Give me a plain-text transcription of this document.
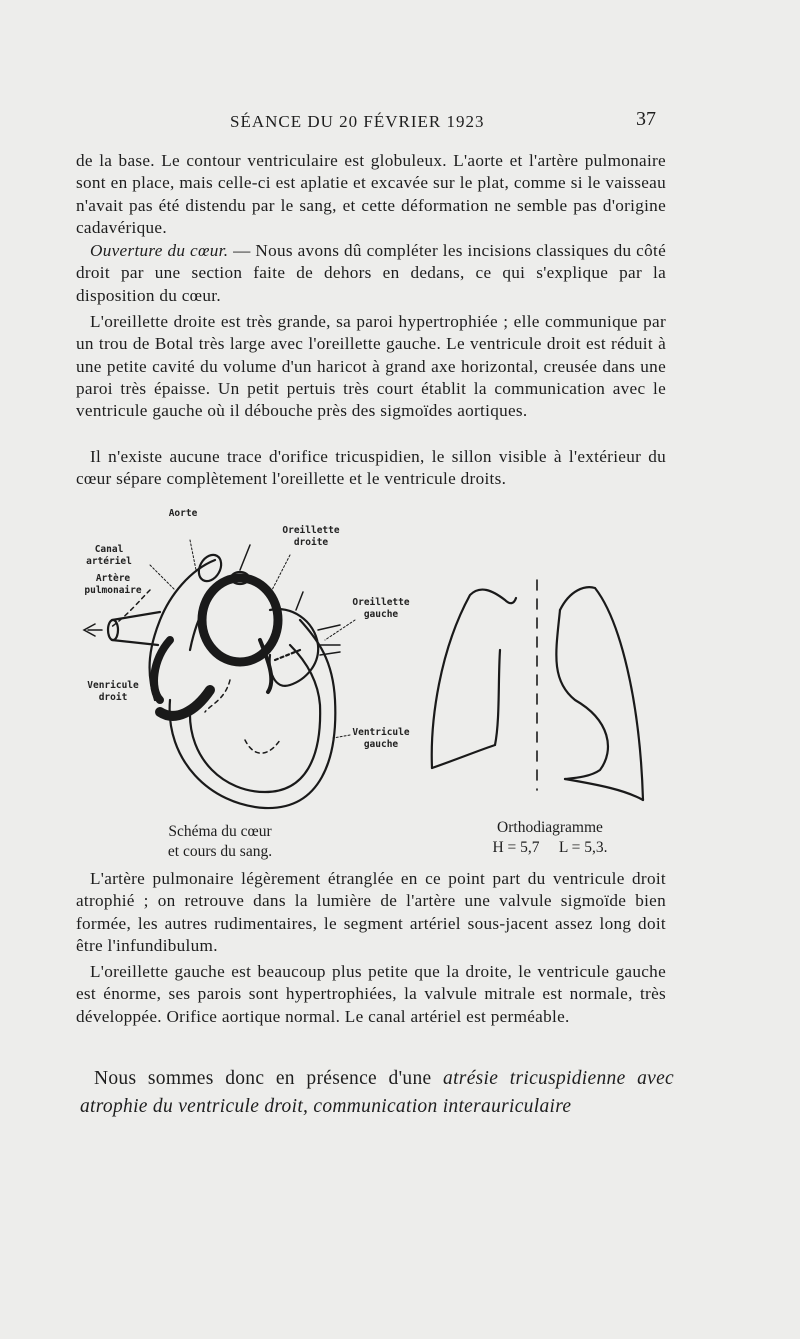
SÉANCE DU 20 FÉVRIER 1923	37

de la base. Le contour ventriculaire est globuleux. L'aorte et l'artère pulmonaire sont en place, mais celle-ci est aplatie et excavée sur le plat, comme si le vaisseau n'avait pas été distendu par le sang, et cette déformation ne semble pas d'origine cadavérique.

Ouverture du cœur. — Nous avons dû compléter les incisions classiques du côté droit par une section faite de dehors en dedans, ce qui s'explique par la disposition du cœur.

L'oreillette droite est très grande, sa paroi hypertrophiée ; elle communique par un trou de Botal très large avec l'oreillette gauche. Le ventricule droit est réduit à une petite cavité du volume d'un haricot à grand axe horizontal, creusée dans une paroi très épaisse. Un petit pertuis très court établit la communication avec le ventricule gauche où il débouche près des sigmoïdes aortiques.

Il n'existe aucune trace d'orifice tricuspidien, le sillon visible à l'extérieur du cœur sépare complètement l'oreillette et le ventricule droits.

Aorte
Canal artériel
Artère pulmonaire
Oreillette droite
Oreillette gauche
Venricule droit
Ventricule gauche
Schéma du cœur
et cours du sang.
Orthodiagramme
H = 5,7 L = 5,3.

L'artère pulmonaire légèrement étranglée en ce point part du ventricule droit atrophié ; on retrouve dans la lumière de l'artère une valvule sigmoïde bien formée, les autres rudimentaires, le segment artériel sous-jacent assez long doit être l'infundibulum.

L'oreillette gauche est beaucoup plus petite que la droite, le ventricule gauche est énorme, ses parois sont hypertrophiées, la valvule mitrale est normale, très développée. Orifice aortique normal. Le canal artériel est perméable.

Nous sommes donc en présence d'une atrésie tricuspidienne avec atrophie du ventricule droit, communication interauriculaire
